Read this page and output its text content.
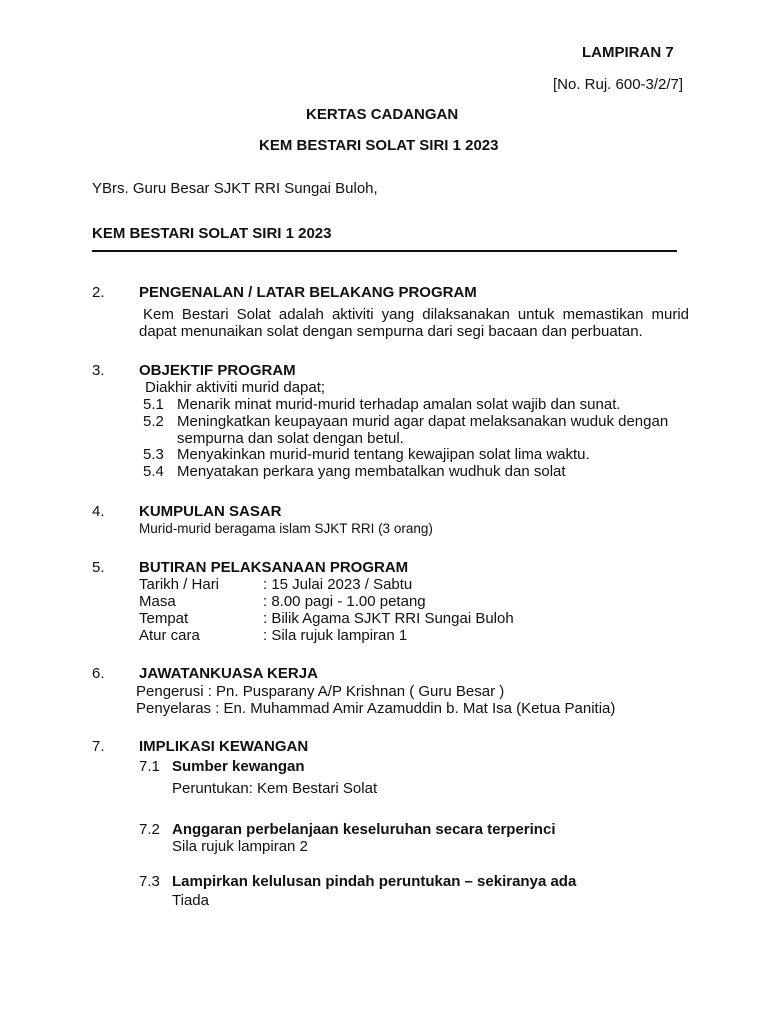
LAMPIRAN 7
[No. Ruj. 600-3/2/7]
KERTAS CADANGAN
KEM BESTARI SOLAT SIRI 1 2023
YBrs. Guru Besar SJKT RRI Sungai Buloh,
KEM BESTARI SOLAT SIRI 1 2023
2. PENGENALAN / LATAR BELAKANG PROGRAM
Kem Bestari Solat adalah aktiviti yang dilaksanakan untuk memastikan murid
dapat menunaikan solat dengan sempurna dari segi bacaan dan perbuatan.
3. OBJEKTIF PROGRAM
Diakhir aktiviti murid dapat;
5.1 Menarik minat murid-murid terhadap amalan solat wajib dan sunat.
5.2 Meningkatkan keupayaan murid agar dapat melaksanakan wuduk dengan
sempurna dan solat dengan betul.
5.3 Menyakinkan murid-murid tentang kewajipan solat lima waktu.
5.4 Menyatakan perkara yang membatalkan wudhuk dan solat
4. KUMPULAN SASAR
Murid-murid beragama islam SJKT RRI (3 orang)
5. BUTIRAN PELAKSANAAN PROGRAM
Tarikh / Hari	: 15 Julai 2023 / Sabtu
Masa	: 8.00 pagi - 1.00 petang
Tempat	: Bilik Agama SJKT RRI Sungai Buloh
Atur cara	: Sila rujuk lampiran 1
6. JAWATANKUASA KERJA
Pengerusi : Pn. Pusparany A/P Krishnan ( Guru Besar )
Penyelaras : En. Muhammad Amir Azamuddin b. Mat Isa (Ketua Panitia)
7. IMPLIKASI KEWANGAN
7.1 Sumber kewangan
Peruntukan: Kem Bestari Solat
7.2 Anggaran perbelanjaan keseluruhan secara terperinci
Sila rujuk lampiran 2
7.3 Lampirkan kelulusan pindah peruntukan – sekiranya ada
Tiada
